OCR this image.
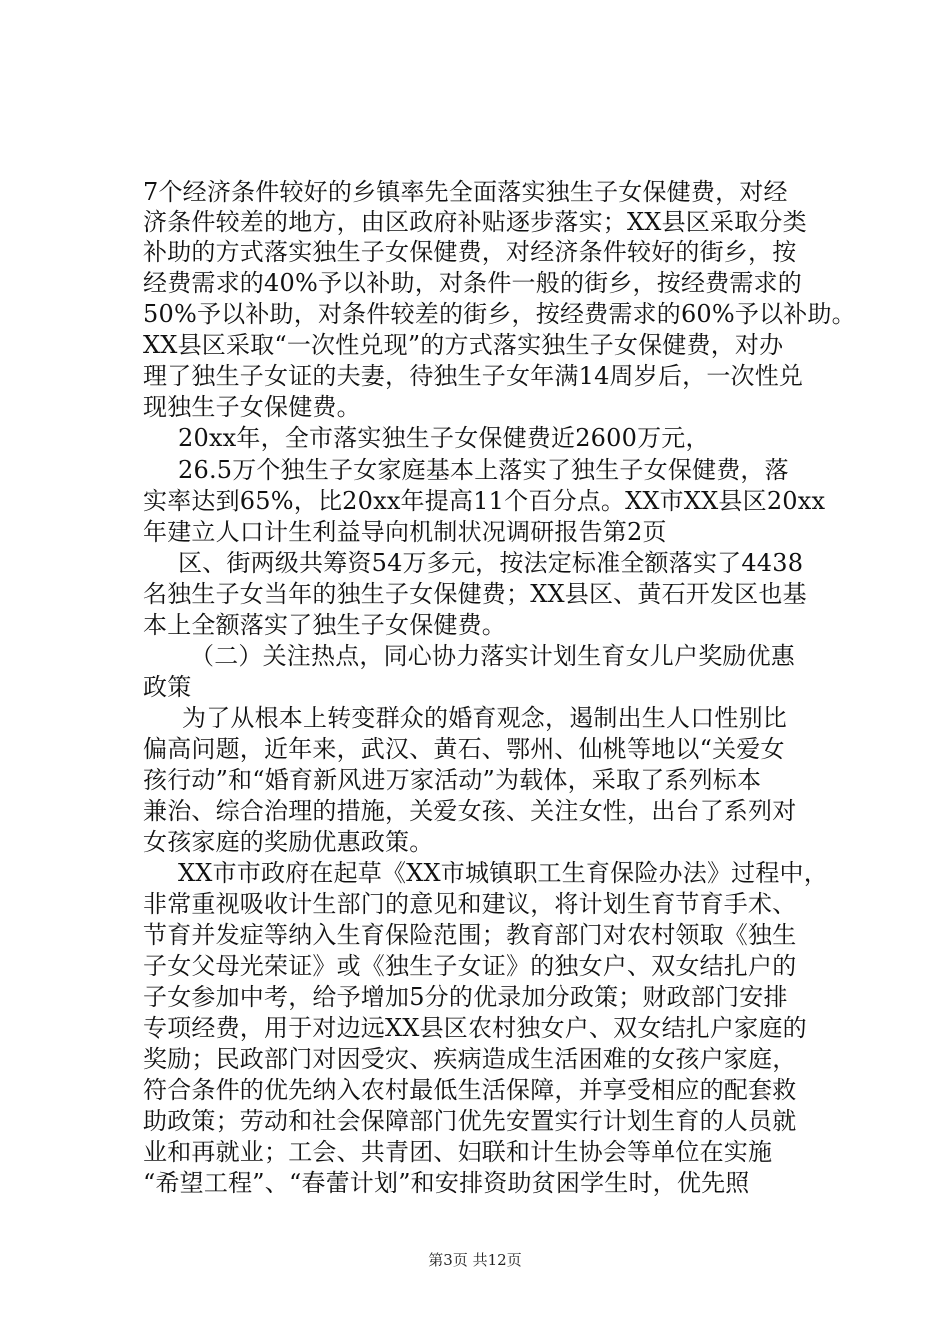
7个经济条件较好的乡镇率先全面落实独生子女保健费，对经
济条件较差的地方，由区政府补贴逐步落实；XX县区采取分类
补助的方式落实独生子女保健费，对经济条件较好的街乡，按
经费需求的40%予以补助，对条件一般的街乡，按经费需求的
50%予以补助，对条件较差的街乡，按经费需求的60%予以补助。
XX县区采取“一次性兑现”的方式落实独生子女保健费，对办
理了独生子女证的夫妻，待独生子女年满14周岁后，一次性兑
现独生子女保健费。
20xx年，全市落实独生子女保健费近2600万元，
26.5万个独生子女家庭基本上落实了独生子女保健费，落
实率达到65%，比20xx年提高11个百分点。XX市XX县区20xx
年建立人口计生利益导向机制状况调研报告第2页
区、街两级共筹资54万多元，按法定标准全额落实了4438
名独生子女当年的独生子女保健费；XX县区、黄石开发区也基
本上全额落实了独生子女保健费。
（二）关注热点，同心协力落实计划生育女儿户奖励优惠
政策
为了从根本上转变群众的婚育观念，遏制出生人口性别比
偏高问题，近年来，武汉、黄石、鄂州、仙桃等地以“关爱女
孩行动”和“婚育新风进万家活动”为载体，采取了系列标本
兼治、综合治理的措施，关爱女孩、关注女性，出台了系列对
女孩家庭的奖励优惠政策。
XX市市政府在起草《XX市城镇职工生育保险办法》过程中，
非常重视吸收计生部门的意见和建议，将计划生育节育手术、
节育并发症等纳入生育保险范围；教育部门对农村领取《独生
子女父母光荣证》或《独生子女证》的独女户、双女结扎户的
子女参加中考，给予增加5分的优录加分政策；财政部门安排
专项经费，用于对边远XX县区农村独女户、双女结扎户家庭的
奖励；民政部门对因受灾、疾病造成生活困难的女孩户家庭，
符合条件的优先纳入农村最低生活保障，并享受相应的配套救
助政策；劳动和社会保障部门优先安置实行计划生育的人员就
业和再就业；工会、共青团、妇联和计生协会等单位在实施
“希望工程”、“春蕾计划”和安排资助贫困学生时，优先照
第3页 共12页
